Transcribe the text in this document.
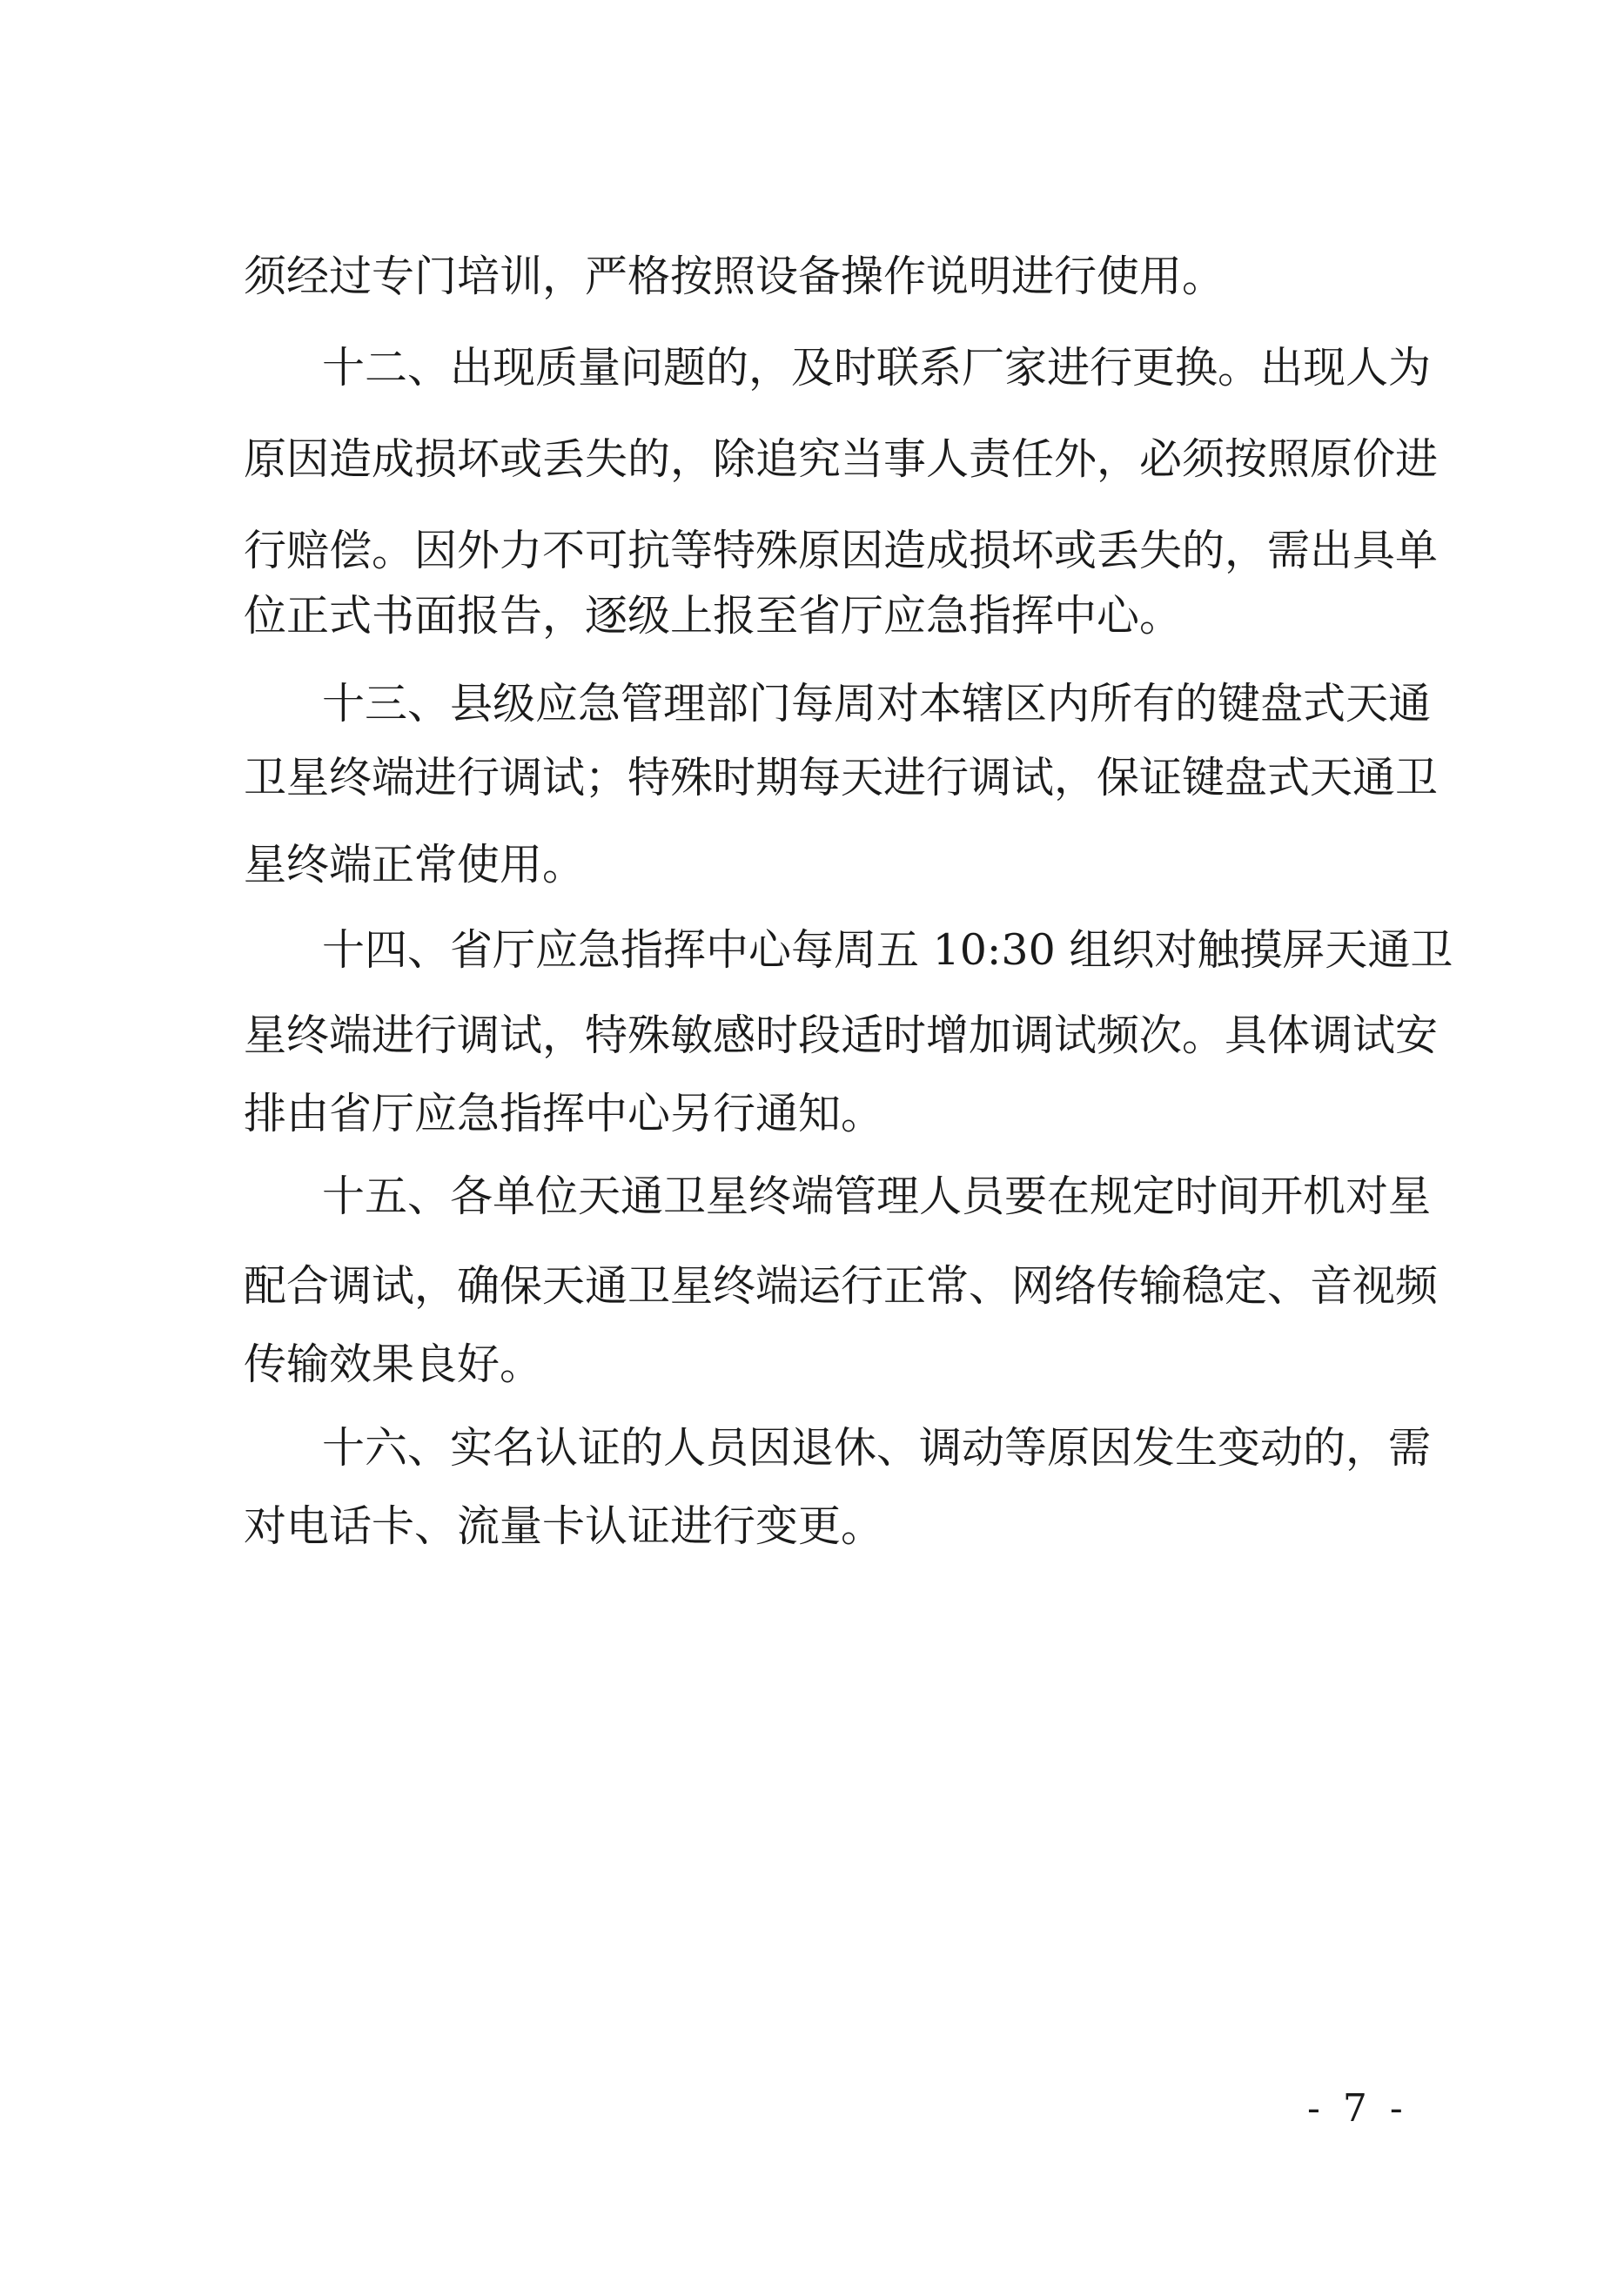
须经过专门培训，严格按照设备操作说明进行使用。

十二、出现质量问题的，及时联系厂家进行更换。出现人为

原因造成损坏或丢失的，除追究当事人责任外，必须按照原价进

行赔偿。因外力不可抗等特殊原因造成损坏或丢失的，需出具单

位正式书面报告，逐级上报至省厅应急指挥中心。

十三、县级应急管理部门每周对本辖区内所有的键盘式天通

卫星终端进行调试；特殊时期每天进行调试，保证键盘式天通卫

星终端正常使用。

十四、省厅应急指挥中心每周五 10:30 组织对触摸屏天通卫

星终端进行调试，特殊敏感时段适时增加调试频次。具体调试安

排由省厅应急指挥中心另行通知。

十五、各单位天通卫星终端管理人员要在规定时间开机对星

配合调试，确保天通卫星终端运行正常、网络传输稳定、音视频

传输效果良好。

十六、实名认证的人员因退休、调动等原因发生变动的，需

对电话卡、流量卡认证进行变更。

- 7 -
